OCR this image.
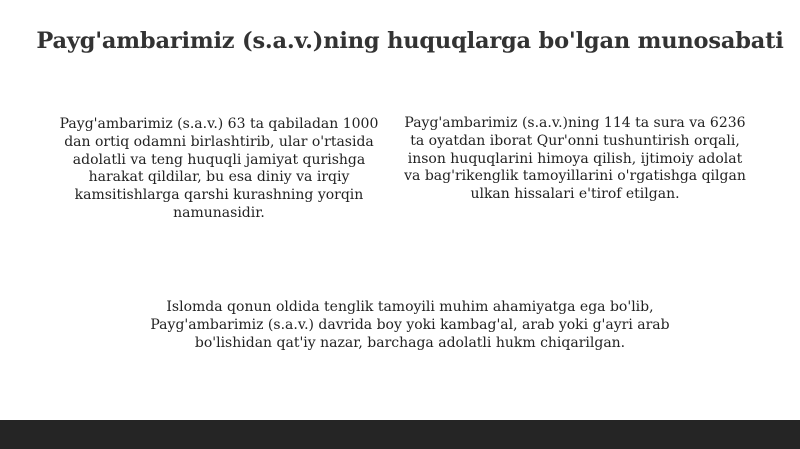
Payg'ambarimiz (s.a.v.)ning huquqlarga bo'lgan munosabati
Payg'ambarimiz (s.a.v.) 63 ta qabiladan 1000 dan ortiq odamni birlashtirib, ular o'rtasida adolatli va teng huquqli jamiyat qurishga harakat qildilar, bu esa diniy va irqiy kamsitishlarga qarshi kurashning yorqin namunasidir.
Payg'ambarimiz (s.a.v.)ning 114 ta sura va 6236 ta oyatdan iborat Qur'onni tushuntirish orqali, inson huquqlarini himoya qilish, ijtimoiy adolat va bag'rikenglik tamoyillarini o'rgatishga qilgan ulkan hissalari e'tirof etilgan.
Islomda qonun oldida tenglik tamoyili muhim ahamiyatga ega bo'lib, Payg'ambarimiz (s.a.v.) davrida boy yoki kambag'al, arab yoki g'ayri arab bo'lishidan qat'iy nazar, barchaga adolatli hukm chiqarilgan.
